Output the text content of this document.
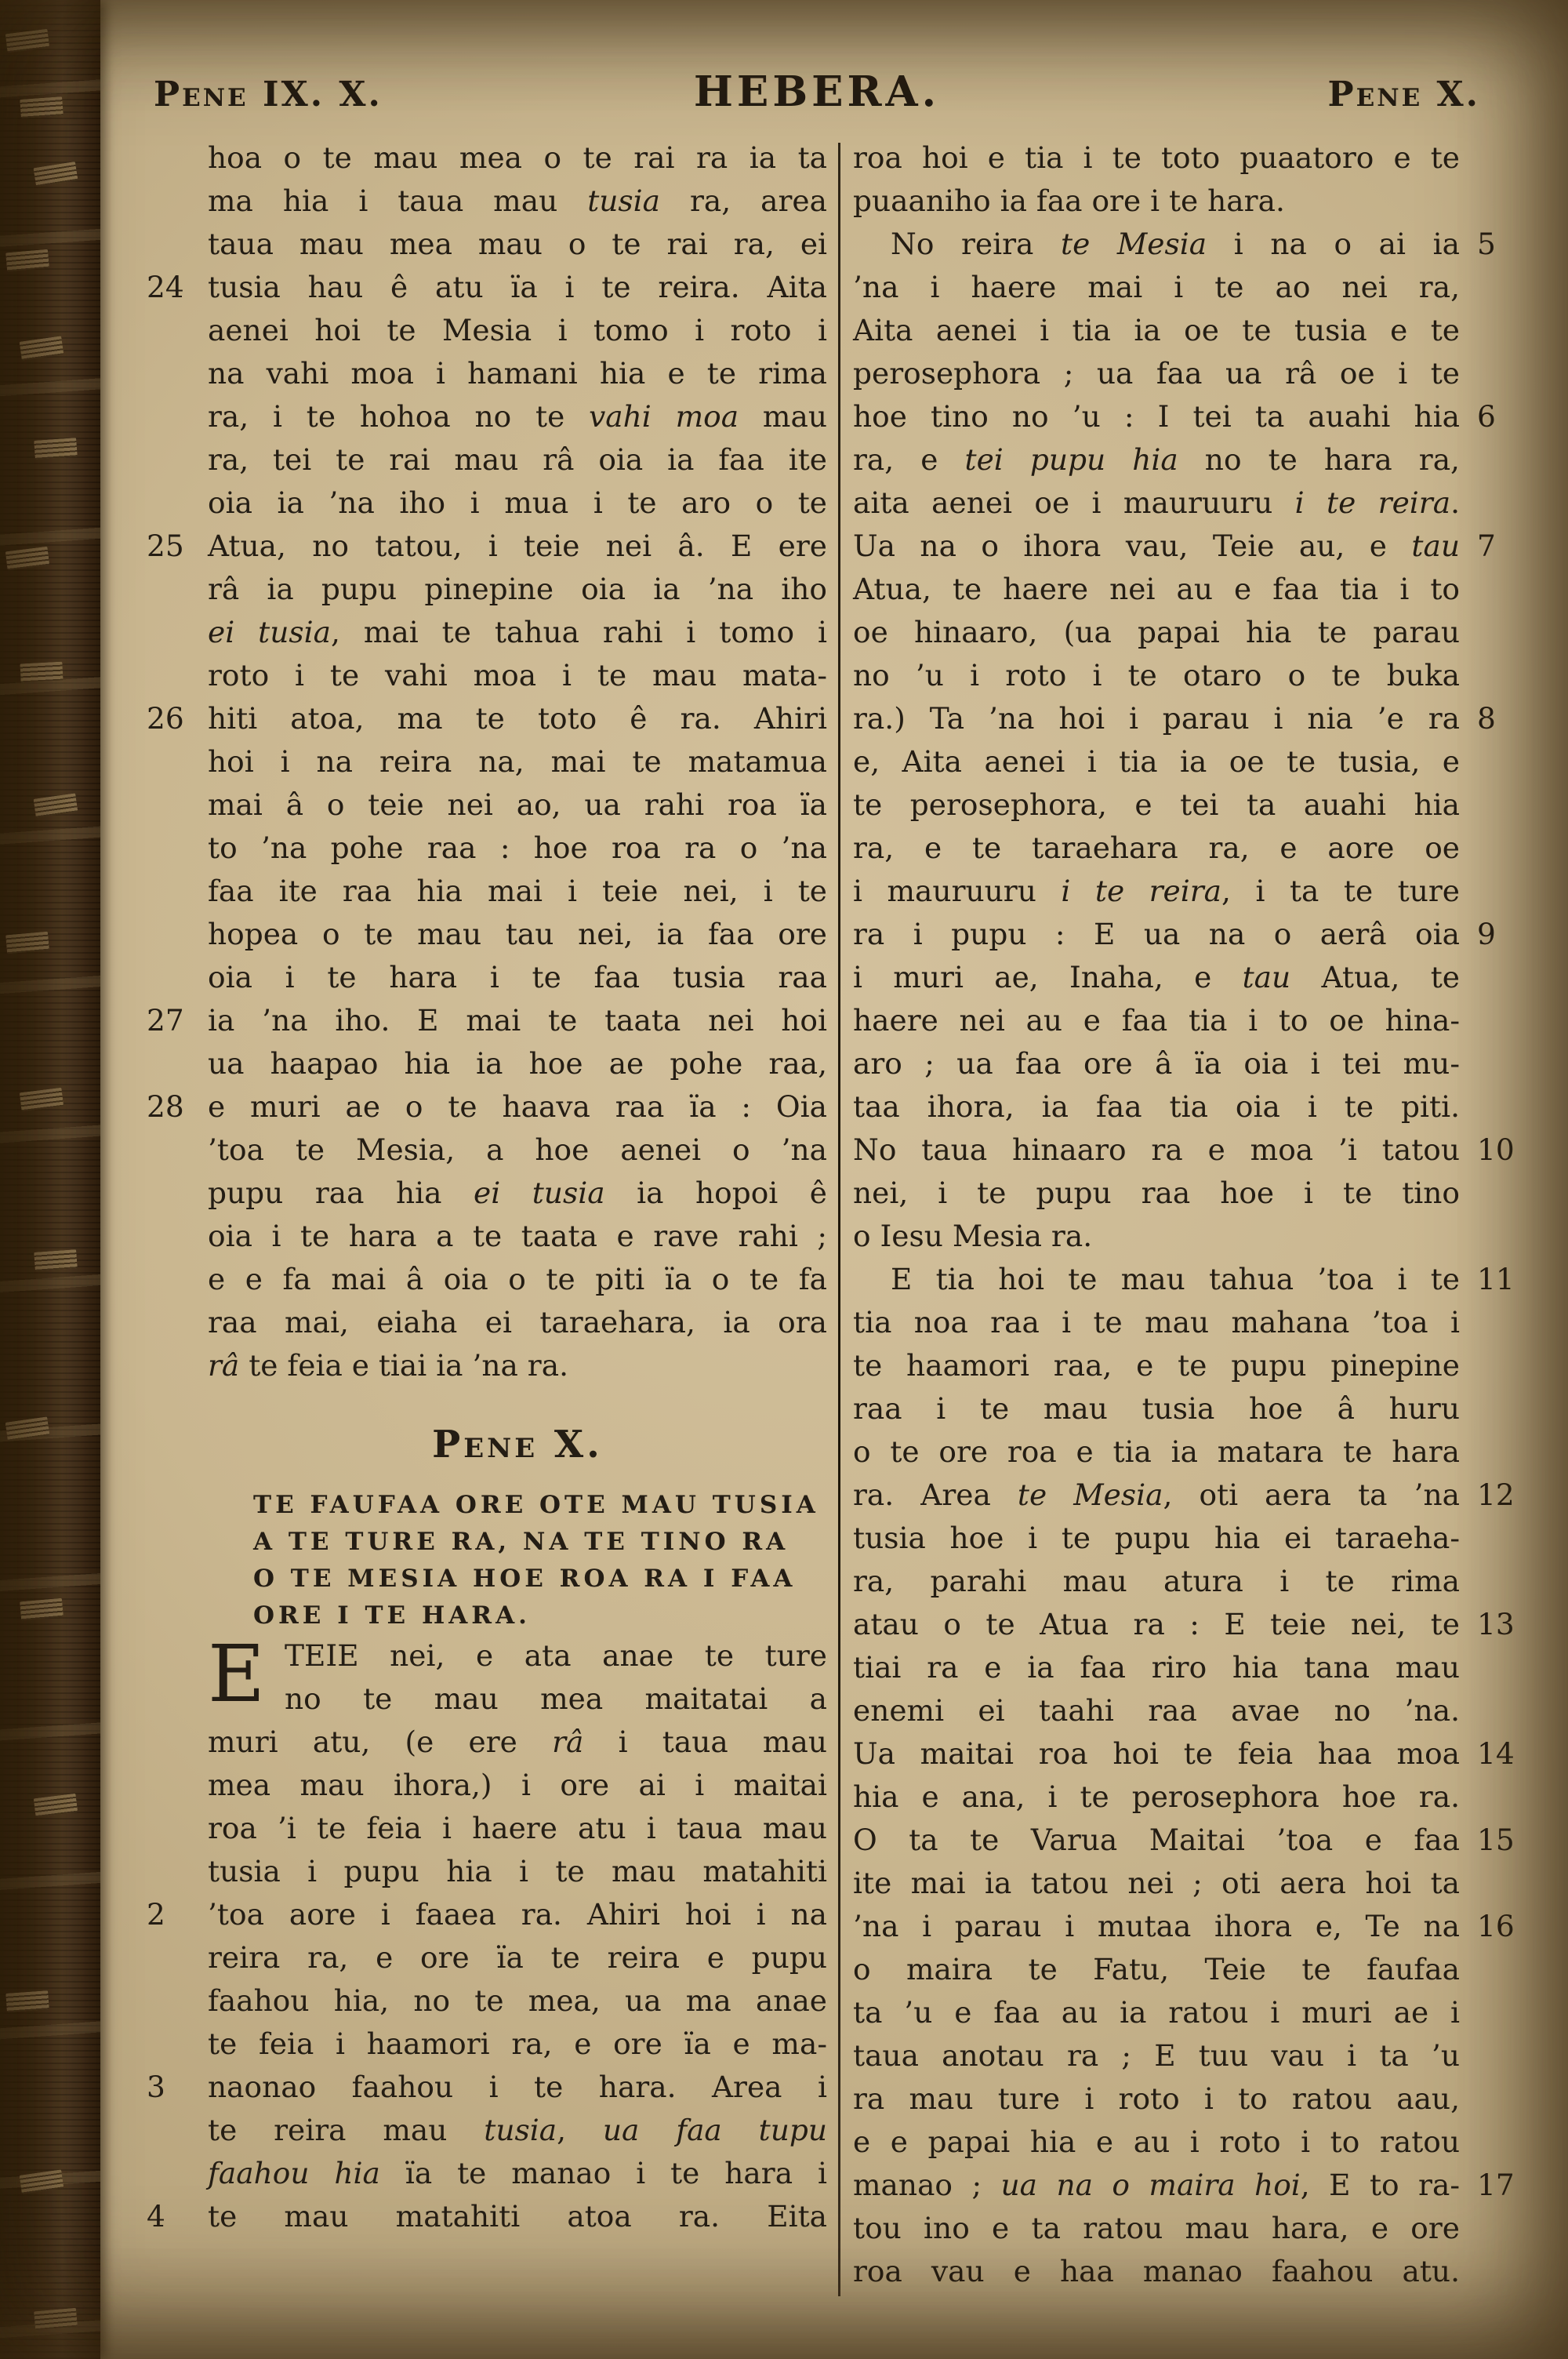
Pene IX. X.	HEBERA.	Pene X.
hoa o te mau mea o te rai ra ia ta
ma hia i taua mau tusia ra, area
taua mau mea mau o te rai ra, ei
24 tusia hau ê atu ïa i te reira. Aita
aenei hoi te Mesia i tomo i roto i
na vahi moa i hamani hia e te rima
ra, i te hohoa no te vahi moa mau
ra, tei te rai mau râ oia ia faa ite
oia ia ’na iho i mua i te aro o te
25 Atua, no tatou, i teie nei â. E ere
râ ia pupu pinepine oia ia ’na iho
ei tusia, mai te tahua rahi i tomo i
roto i te vahi moa i te mau mata-
26 hiti atoa, ma te toto ê ra. Ahiri
hoi i na reira na, mai te matamua
mai â o teie nei ao, ua rahi roa ïa
to ’na pohe raa : hoe roa ra o ’na
faa ite raa hia mai i teie nei, i te
hopea o te mau tau nei, ia faa ore
oia i te hara i te faa tusia raa
27 ia ’na iho. E mai te taata nei hoi
ua haapao hia ia hoe ae pohe raa,
28 e muri ae o te haava raa ïa : Oia
’toa te Mesia, a hoe aenei o ’na
pupu raa hia ei tusia ia hopoi ê
oia i te hara a te taata e rave rahi ;
e e fa mai â oia o te piti ïa o te fa
raa mai, eiaha ei taraehara, ia ora
râ te feia e tiai ia ’na ra.
Pene X.
TE FAUFAA ORE OTE MAU TUSIA
A TE TURE RA, NA TE TINO RA
O TE MESIA HOE ROA RA I FAA
ORE I TE HARA.
E TEIE nei, e ata anae te ture
no te mau mea maitatai a
muri atu, (e ere râ i taua mau
mea mau ihora,) i ore ai i maitai
roa ’i te feia i haere atu i taua mau
tusia i pupu hia i te mau matahiti
2 ’toa aore i faaea ra. Ahiri hoi i na
reira ra, e ore ïa te reira e pupu
faahou hia, no te mea, ua ma anae
te feia i haamori ra, e ore ïa e ma-
3 naonao faahou i te hara. Area i
te reira mau tusia, ua faa tupu
faahou hia ïa te manao i te hara i
4 te mau matahiti atoa ra. Eita
roa hoi e tia i te toto puaatoro e te
puaaniho ia faa ore i te hara.
5
No reira te Mesia i na o ai ia
’na i haere mai i te ao nei ra,
Aita aenei i tia ia oe te tusia e te
perosephora ; ua faa ua râ oe i te
6
hoe tino no ’u : I tei ta auahi hia
ra, e tei pupu hia no te hara ra,
aita aenei oe i mauruuru i te reira.
7
Ua na o ihora vau, Teie au, e tau
Atua, te haere nei au e faa tia i to
oe hinaaro, (ua papai hia te parau
no ’u i roto i te otaro o te buka
8
ra.) Ta ’na hoi i parau i nia ’e ra
e, Aita aenei i tia ia oe te tusia, e
te perosephora, e tei ta auahi hia
ra, e te taraehara ra, e aore oe
i mauruuru i te reira, i ta te ture
9
ra i pupu : E ua na o aerâ oia
i muri ae, Inaha, e tau Atua, te
haere nei au e faa tia i to oe hina-
aro ; ua faa ore â ïa oia i tei mu-
taa ihora, ia faa tia oia i te piti.
10
No taua hinaaro ra e moa ’i tatou
nei, i te pupu raa hoe i te tino
o Iesu Mesia ra.
11
E tia hoi te mau tahua ’toa i te
tia noa raa i te mau mahana ’toa i
te haamori raa, e te pupu pinepine
raa i te mau tusia hoe â huru
o te ore roa e tia ia matara te hara
12
ra. Area te Mesia, oti aera ta ’na
tusia hoe i te pupu hia ei taraeha-
ra, parahi mau atura i te rima
13
atau o te Atua ra : E teie nei, te
tiai ra e ia faa riro hia tana mau
enemi ei taahi raa avae no ’na.
14
Ua maitai roa hoi te feia haa moa
hia e ana, i te perosephora hoe ra.
15
O ta te Varua Maitai ’toa e faa
ite mai ia tatou nei ; oti aera hoi ta
16
’na i parau i mutaa ihora e, Te na
o maira te Fatu, Teie te faufaa
ta ’u e faa au ia ratou i muri ae i
taua anotau ra ; E tuu vau i ta ’u
ra mau ture i roto i to ratou aau,
e e papai hia e au i roto i to ratou
17
manao ; ua na o maira hoi, E to ra-
tou ino e ta ratou mau hara, e ore
roa vau e haa manao faahou atu.
